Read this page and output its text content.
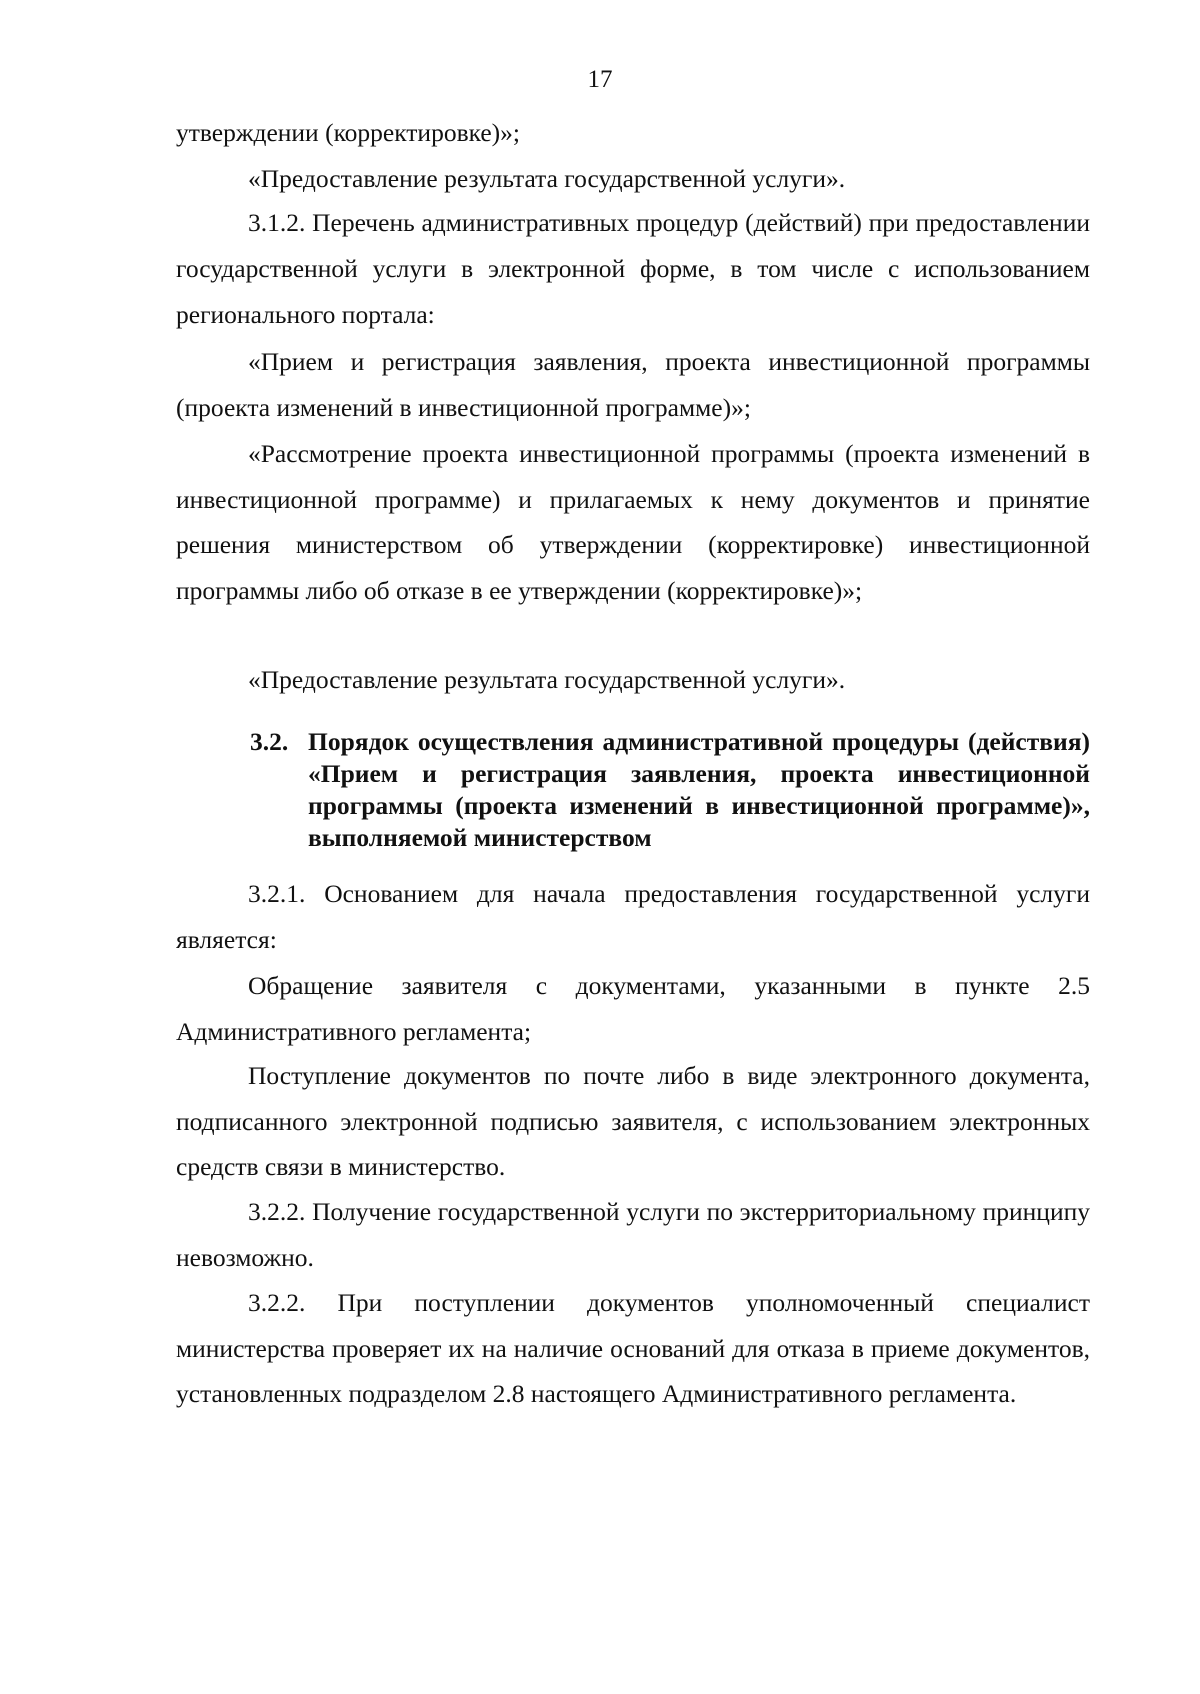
17

утверждении (корректировке)»;

«Предоставление результата государственной услуги».

3.1.2. Перечень административных процедур (действий) при предоставлении государственной услуги в электронной форме, в том числе с использованием регионального портала:

«Прием и регистрация заявления, проекта инвестиционной программы (проекта изменений в инвестиционной программе)»;

«Рассмотрение проекта инвестиционной программы (проекта изменений в инвестиционной программе) и прилагаемых к нему документов и принятие решения министерством об утверждении (корректировке) инвестиционной программы либо об отказе в ее утверждении (корректировке)»;

«Предоставление результата государственной услуги».

3.2. Порядок осуществления административной процедуры (действия) «Прием и регистрация заявления, проекта инвестиционной программы (проекта изменений в инвестиционной программе)», выполняемой министерством

3.2.1. Основанием для начала предоставления государственной услуги является:

Обращение заявителя с документами, указанными в пункте 2.5 Административного регламента;

Поступление документов по почте либо в виде электронного документа, подписанного электронной подписью заявителя, с использованием электронных средств связи в министерство.

3.2.2. Получение государственной услуги по экстерриториальному принципу невозможно.

3.2.2. При поступлении документов уполномоченный специалист министерства проверяет их на наличие оснований для отказа в приеме документов, установленных подразделом 2.8 настоящего Административного регламента.
